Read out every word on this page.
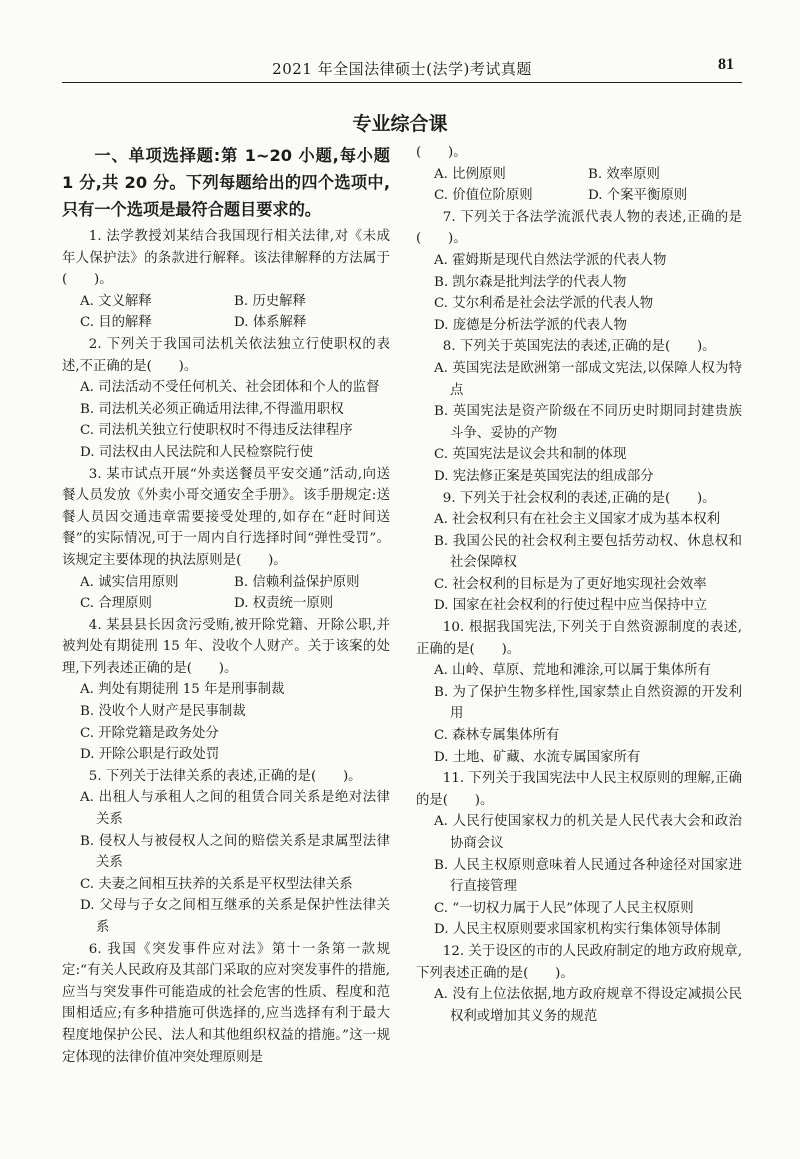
2021 年全国法律硕士(法学)考试真题	81
专业综合课

一、单项选择题:第 1~20 小题,每小题 1 分,共 20 分。下列每题给出的四个选项中,只有一个选项是最符合题目要求的。

1. 法学教授刘某结合我国现行相关法律,对《未成年人保护法》的条款进行解释。该法律解释的方法属于(　　)。

A. 文义解释	B. 历史解释
C. 目的解释	D. 体系解释

2. 下列关于我国司法机关依法独立行使职权的表述,不正确的是(　　)。

A. 司法活动不受任何机关、社会团体和个人的监督

B. 司法机关必须正确适用法律,不得滥用职权

C. 司法机关独立行使职权时不得违反法律程序

D. 司法权由人民法院和人民检察院行使

3. 某市试点开展“外卖送餐员平安交通”活动,向送餐人员发放《外卖小哥交通安全手册》。该手册规定:送餐人员因交通违章需要接受处理的,如存在“赶时间送餐”的实际情况,可于一周内自行选择时间“弹性受罚”。该规定主要体现的执法原则是(　　)。

A. 诚实信用原则	B. 信赖利益保护原则
C. 合理原则	D. 权责统一原则

4. 某县县长因贪污受贿,被开除党籍、开除公职,并被判处有期徒刑 15 年、没收个人财产。关于该案的处理,下列表述正确的是(　　)。

A. 判处有期徒刑 15 年是刑事制裁

B. 没收个人财产是民事制裁

C. 开除党籍是政务处分

D. 开除公职是行政处罚

5. 下列关于法律关系的表述,正确的是(　　)。

A. 出租人与承租人之间的租赁合同关系是绝对法律关系

B. 侵权人与被侵权人之间的赔偿关系是隶属型法律关系

C. 夫妻之间相互扶养的关系是平权型法律关系

D. 父母与子女之间相互继承的关系是保护性法律关系

6. 我国《突发事件应对法》第十一条第一款规定:“有关人民政府及其部门采取的应对突发事件的措施,应当与突发事件可能造成的社会危害的性质、程度和范围相适应;有多种措施可供选择的,应当选择有利于最大程度地保护公民、法人和其他组织权益的措施。”这一规定体现的法律价值冲突处理原则是

(　　)。

A. 比例原则	B. 效率原则
C. 价值位阶原则	D. 个案平衡原则

7. 下列关于各法学流派代表人物的表述,正确的是(　　)。

A. 霍姆斯是现代自然法学派的代表人物

B. 凯尔森是批判法学的代表人物

C. 艾尔利希是社会法学派的代表人物

D. 庞德是分析法学派的代表人物

8. 下列关于英国宪法的表述,正确的是(　　)。

A. 英国宪法是欧洲第一部成文宪法,以保障人权为特点

B. 英国宪法是资产阶级在不同历史时期同封建贵族斗争、妥协的产物

C. 英国宪法是议会共和制的体现

D. 宪法修正案是英国宪法的组成部分

9. 下列关于社会权利的表述,正确的是(　　)。

A. 社会权利只有在社会主义国家才成为基本权利

B. 我国公民的社会权利主要包括劳动权、休息权和社会保障权

C. 社会权利的目标是为了更好地实现社会效率

D. 国家在社会权利的行使过程中应当保持中立

10. 根据我国宪法,下列关于自然资源制度的表述,正确的是(　　)。

A. 山岭、草原、荒地和滩涂,可以属于集体所有

B. 为了保护生物多样性,国家禁止自然资源的开发利用

C. 森林专属集体所有

D. 土地、矿藏、水流专属国家所有

11. 下列关于我国宪法中人民主权原则的理解,正确的是(　　)。

A. 人民行使国家权力的机关是人民代表大会和政治协商会议

B. 人民主权原则意味着人民通过各种途径对国家进行直接管理

C. “一切权力属于人民”体现了人民主权原则

D. 人民主权原则要求国家机构实行集体领导体制

12. 关于设区的市的人民政府制定的地方政府规章,下列表述正确的是(　　)。

A. 没有上位法依据,地方政府规章不得设定减损公民权利或增加其义务的规范
